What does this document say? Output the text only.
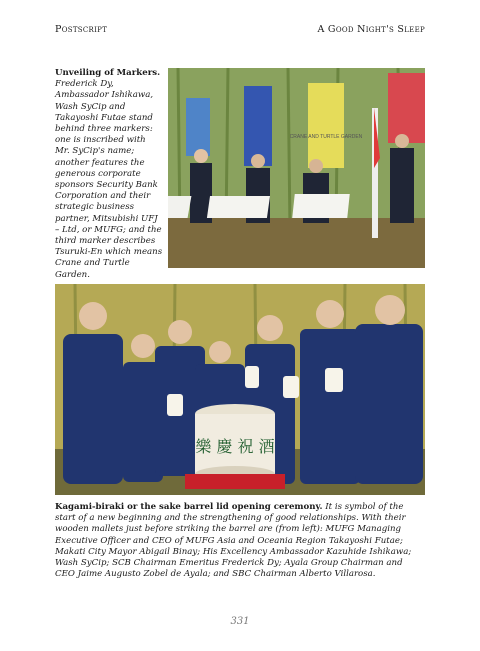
Postscript	A Good Night's Sleep
Unveiling of Markers. Frederick Dy, Ambassador Ishikawa, Wash SyCip and Takayoshi Futae stand behind three markers: one is inscribed with Mr. SyCip's name; another features the generous corporate sponsors Security Bank Corporation and their strategic business partner, Mitsubishi UFJ – Ltd, or MUFG; and the third marker describes Tsuruki-En which means Crane and Turtle Garden.
CRANE AND TURTLE GARDEN
樂 慶 祝 酒
Kagami-biraki or the sake barrel lid opening ceremony. It is symbol of the start of a new beginning and the strengthening of good relationships. With their wooden mallets just before striking the barrel are (from left): MUFG Managing Executive Officer and CEO of MUFG Asia and Oceania Region Takayoshi Futae; Makati City Mayor Abigail Binay; His Excellency Ambassador Kazuhide Ishikawa; Wash SyCip; SCB Chairman Emeritus Frederick Dy; Ayala Group Chairman and CEO Jaime Augusto Zobel de Ayala; and SBC Chairman Alberto Villarosa.
331
